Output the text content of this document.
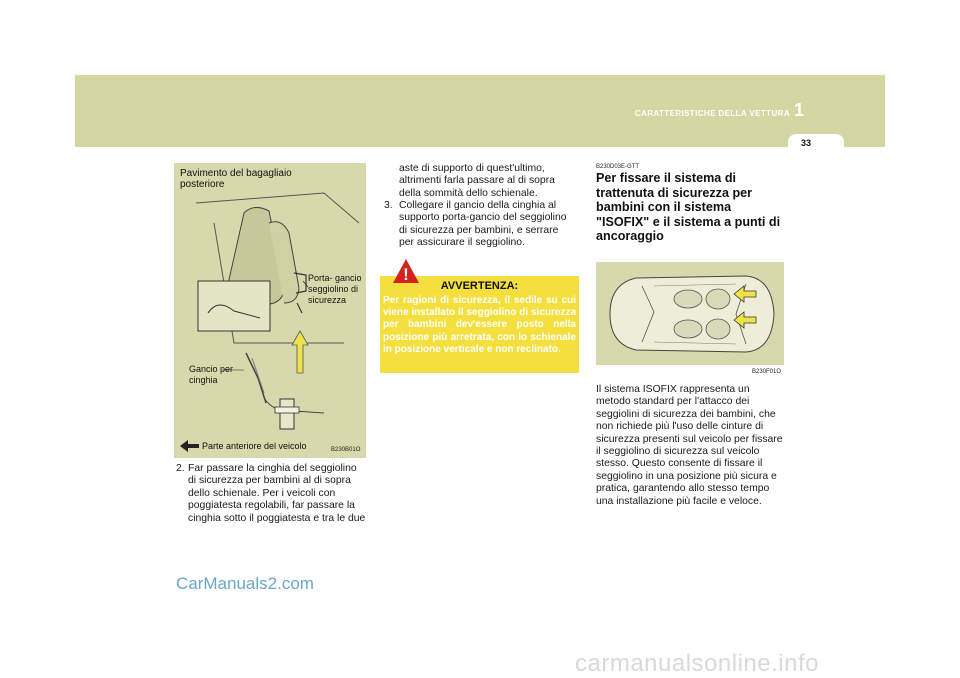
CARATTERISTICHE DELLA VETTURA 1
33
Pavimento del bagagliaio posteriore
Porta- gancio seggiolino di sicurezza
Gancio per cinghia
Parte anteriore del veicolo	B230B01O
2. Far passare la cinghia del seggiolino di sicurezza per bambini al di sopra dello schienale. Per i veicoli con poggiatesta regolabili, far passare la cinghia sotto il poggiatesta e tra le due
aste di supporto di quest'ultimo, altrimenti farla passare al di sopra della sommità dello schienale.
3. Collegare il gancio della cinghia al supporto porta-gancio del seggiolino di sicurezza per bambini, e serrare per assicurare il seggiolino.
AVVERTENZA:
Per ragioni di sicurezza, il sedile su cui viene installato il seggiolino di sicurezza per bambini dev'essere posto nella posizione più arretrata, con lo schienale in posizione verticale e non reclinato.
!
B230D03E-GTT
Per fissare il sistema di trattenuta di sicurezza per bambini con il sistema "ISOFIX" e il sistema a punti di ancoraggio
B230F01O
Il sistema ISOFIX rappresenta un metodo standard per l'attacco dei seggiolini di sicurezza dei bambini, che non richiede più l'uso delle cinture di sicurezza presenti sul veicolo per fissare il seggiolino di sicurezza sul veicolo stesso. Questo consente di fissare il seggiolino in una posizione più sicura e pratica, garantendo allo stesso tempo una installazione più facile e veloce.
CarManuals2.com
carmanualsonline.info
